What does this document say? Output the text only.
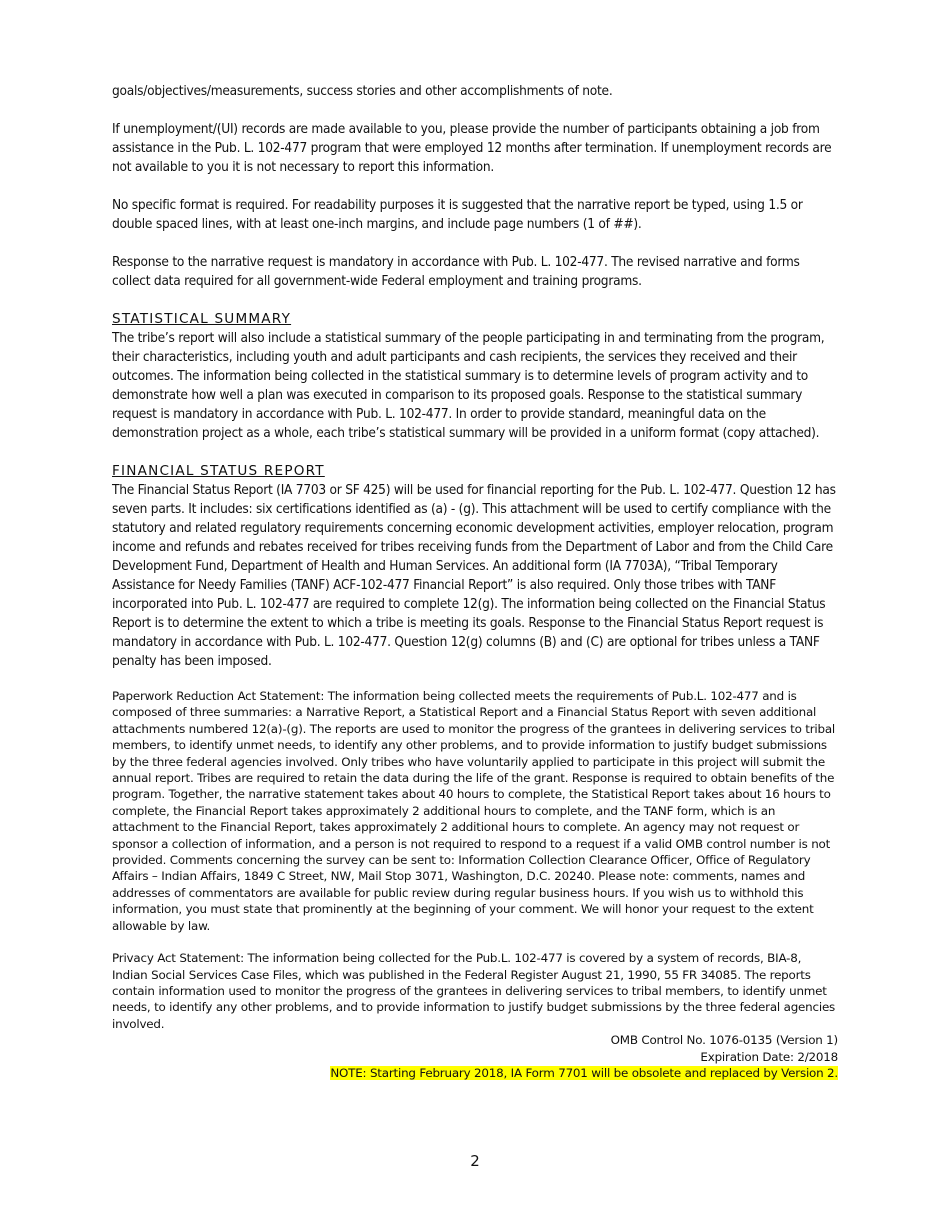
goals/objectives/measurements, success stories and other accomplishments of note.

If unemployment/(UI) records are made available to you, please provide the number of participants obtaining a job from assistance in the Pub. L. 102-477 program that were employed 12 months after termination. If unemployment records are not available to you it is not necessary to report this information.

No specific format is required. For readability purposes it is suggested that the narrative report be typed, using 1.5 or double spaced lines, with at least one-inch margins, and include page numbers (1 of ##).

Response to the narrative request is mandatory in accordance with Pub. L. 102-477. The revised narrative and forms collect data required for all government-wide Federal employment and training programs.

STATISTICAL SUMMARY

The tribe’s report will also include a statistical summary of the people participating in and terminating from the program, their characteristics, including youth and adult participants and cash recipients, the services they received and their outcomes. The information being collected in the statistical summary is to determine levels of program activity and to demonstrate how well a plan was executed in comparison to its proposed goals. Response to the statistical summary request is mandatory in accordance with Pub. L. 102-477. In order to provide standard, meaningful data on the demonstration project as a whole, each tribe’s statistical summary will be provided in a uniform format (copy attached).

FINANCIAL STATUS REPORT

The Financial Status Report (IA 7703 or SF 425) will be used for financial reporting for the Pub. L. 102-477. Question 12 has seven parts. It includes: six certifications identified as (a) - (g). This attachment will be used to certify compliance with the statutory and related regulatory requirements concerning economic development activities, employer relocation, program income and refunds and rebates received for tribes receiving funds from the Department of Labor and from the Child Care Development Fund, Department of Health and Human Services. An additional form (IA 7703A), “Tribal Temporary Assistance for Needy Families (TANF) ACF-102-477 Financial Report” is also required. Only those tribes with TANF incorporated into Pub. L. 102-477 are required to complete 12(g). The information being collected on the Financial Status Report is to determine the extent to which a tribe is meeting its goals. Response to the Financial Status Report request is mandatory in accordance with Pub. L. 102-477. Question 12(g) columns (B) and (C) are optional for tribes unless a TANF penalty has been imposed.

Paperwork Reduction Act Statement: The information being collected meets the requirements of Pub.L. 102-477 and is composed of three summaries: a Narrative Report, a Statistical Report and a Financial Status Report with seven additional attachments numbered 12(a)-(g). The reports are used to monitor the progress of the grantees in delivering services to tribal members, to identify unmet needs, to identify any other problems, and to provide information to justify budget submissions by the three federal agencies involved. Only tribes who have voluntarily applied to participate in this project will submit the annual report. Tribes are required to retain the data during the life of the grant. Response is required to obtain benefits of the program. Together, the narrative statement takes about 40 hours to complete, the Statistical Report takes about 16 hours to complete, the Financial Report takes approximately 2 additional hours to complete, and the TANF form, which is an attachment to the Financial Report, takes approximately 2 additional hours to complete. An agency may not request or sponsor a collection of information, and a person is not required to respond to a request if a valid OMB control number is not provided. Comments concerning the survey can be sent to: Information Collection Clearance Officer, Office of Regulatory Affairs – Indian Affairs, 1849 C Street, NW, Mail Stop 3071, Washington, D.C. 20240. Please note: comments, names and addresses of commentators are available for public review during regular business hours. If you wish us to withhold this information, you must state that prominently at the beginning of your comment. We will honor your request to the extent allowable by law.

Privacy Act Statement: The information being collected for the Pub.L. 102-477 is covered by a system of records, BIA-8, Indian Social Services Case Files, which was published in the Federal Register August 21, 1990, 55 FR 34085. The reports contain information used to monitor the progress of the grantees in delivering services to tribal members, to identify unmet needs, to identify any other problems, and to provide information to justify budget submissions by the three federal agencies involved.

OMB Control No. 1076-0135 (Version 1)

Expiration Date: 2/2018

NOTE: Starting February 2018, IA Form 7701 will be obsolete and replaced by Version 2.

2
